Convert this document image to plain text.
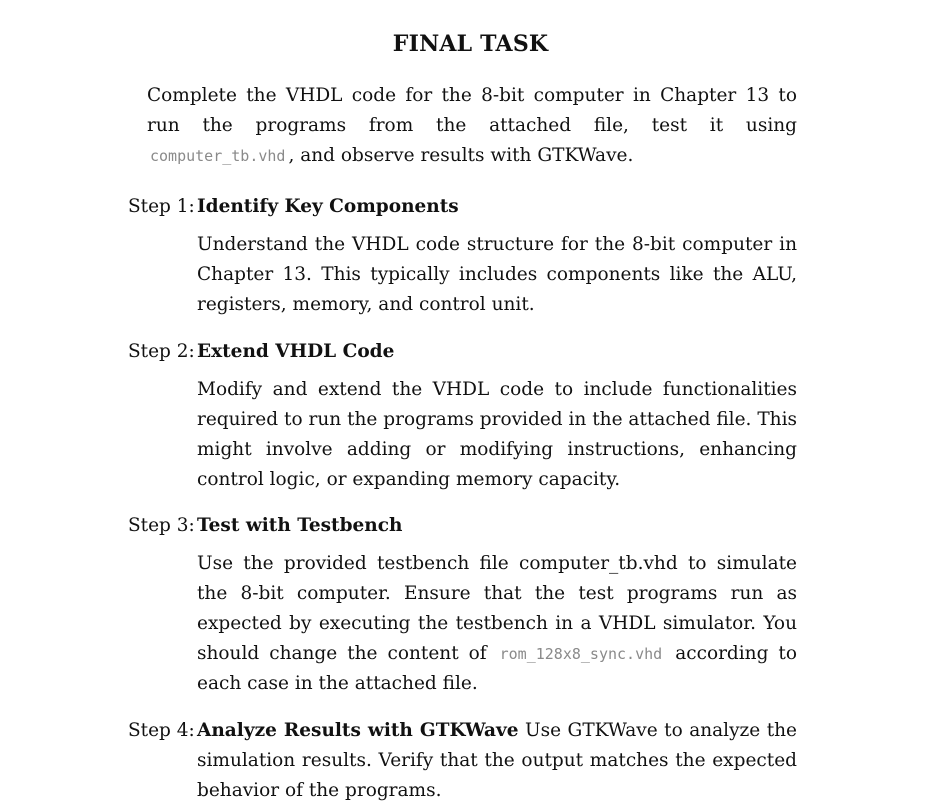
FINAL TASK
Complete the VHDL code for the 8-bit computer in Chapter 13 to run the programs from the attached file, test it using computer_tb.vhd , and observe results with GTKWave.
Step 1: Identify Key Components
Understand the VHDL code structure for the 8-bit computer in Chapter 13. This typically includes components like the ALU, registers, memory, and control unit.
Step 2: Extend VHDL Code
Modify and extend the VHDL code to include functionalities required to run the programs provided in the attached file. This might involve adding or modifying instructions, enhancing control logic, or expanding memory capacity.
Step 3: Test with Testbench
Use the provided testbench file computer_tb.vhd to simulate the 8-bit computer. Ensure that the test programs run as expected by executing the testbench in a VHDL simulator. You should change the content of rom_128x8_sync.vhd according to each case in the attached file.
Step 4: Analyze Results with GTKWave Use GTKWave to analyze the simulation results. Verify that the output matches the expected behavior of the programs.
